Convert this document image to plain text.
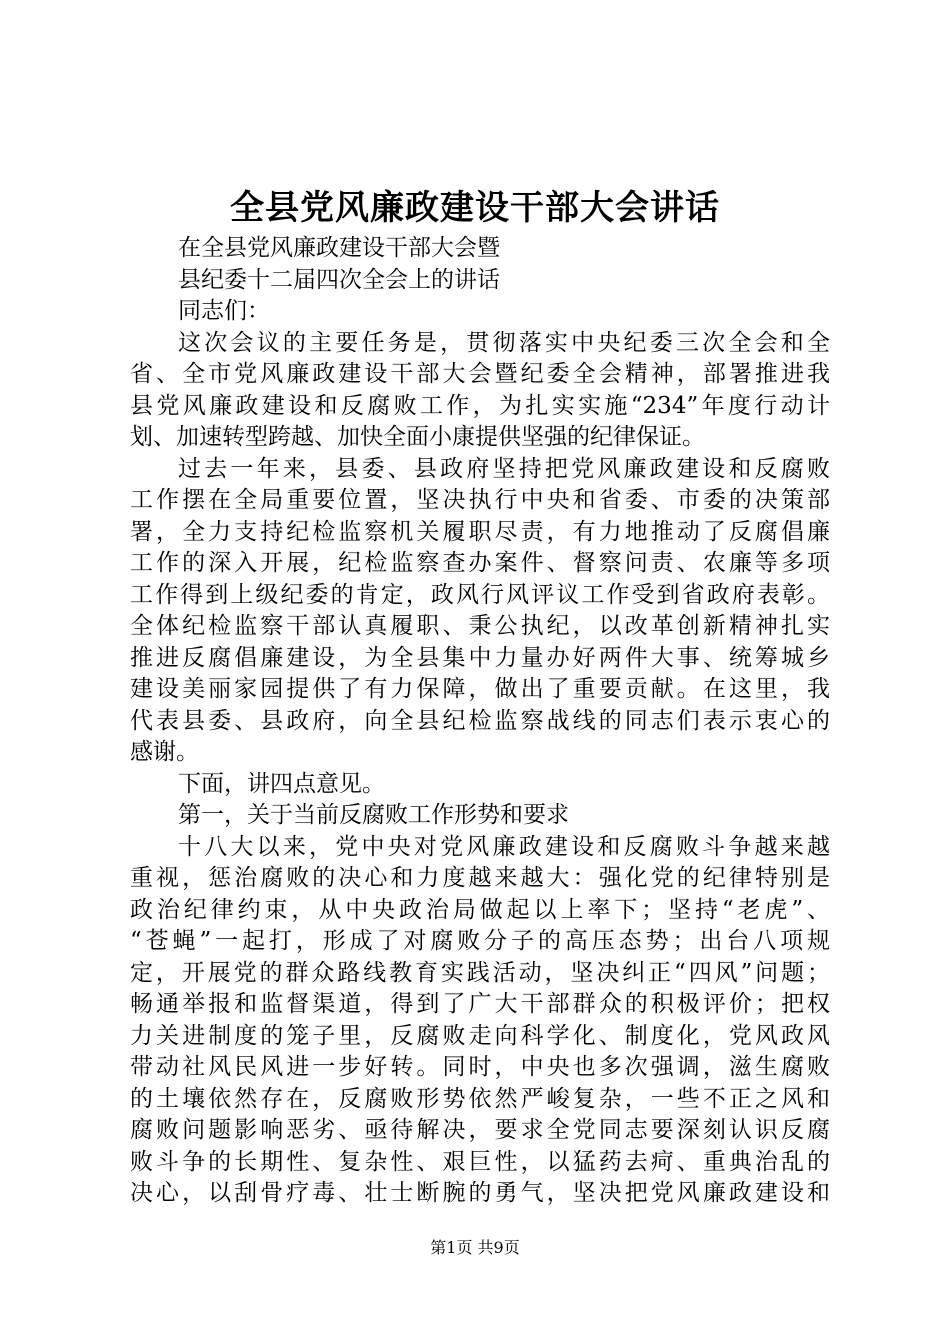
全县党风廉政建设干部大会讲话
在全县党风廉政建设干部大会暨
县纪委十二届四次全会上的讲话
同志们：
这次会议的主要任务是，贯彻落实中央纪委三次全会和全
省、全市党风廉政建设干部大会暨纪委全会精神，部署推进我
县党风廉政建设和反腐败工作，为扎实实施“234”年度行动计
划、加速转型跨越、加快全面小康提供坚强的纪律保证。
过去一年来，县委、县政府坚持把党风廉政建设和反腐败
工作摆在全局重要位置，坚决执行中央和省委、市委的决策部
署，全力支持纪检监察机关履职尽责，有力地推动了反腐倡廉
工作的深入开展，纪检监察查办案件、督察问责、农廉等多项
工作得到上级纪委的肯定，政风行风评议工作受到省政府表彰。
全体纪检监察干部认真履职、秉公执纪，以改革创新精神扎实
推进反腐倡廉建设，为全县集中力量办好两件大事、统筹城乡
建设美丽家园提供了有力保障，做出了重要贡献。在这里，我
代表县委、县政府，向全县纪检监察战线的同志们表示衷心的
感谢。
下面，讲四点意见。
第一，关于当前反腐败工作形势和要求
十八大以来，党中央对党风廉政建设和反腐败斗争越来越
重视，惩治腐败的决心和力度越来越大：强化党的纪律特别是
政治纪律约束，从中央政治局做起以上率下；坚持“老虎”、
“苍蝇”一起打，形成了对腐败分子的高压态势；出台八项规
定，开展党的群众路线教育实践活动，坚决纠正“四风”问题；
畅通举报和监督渠道，得到了广大干部群众的积极评价；把权
力关进制度的笼子里，反腐败走向科学化、制度化，党风政风
带动社风民风进一步好转。同时，中央也多次强调，滋生腐败
的土壤依然存在，反腐败形势依然严峻复杂，一些不正之风和
腐败问题影响恶劣、亟待解决，要求全党同志要深刻认识反腐
败斗争的长期性、复杂性、艰巨性，以猛药去疴、重典治乱的
决心，以刮骨疗毒、壮士断腕的勇气，坚决把党风廉政建设和
第1页 共9页
